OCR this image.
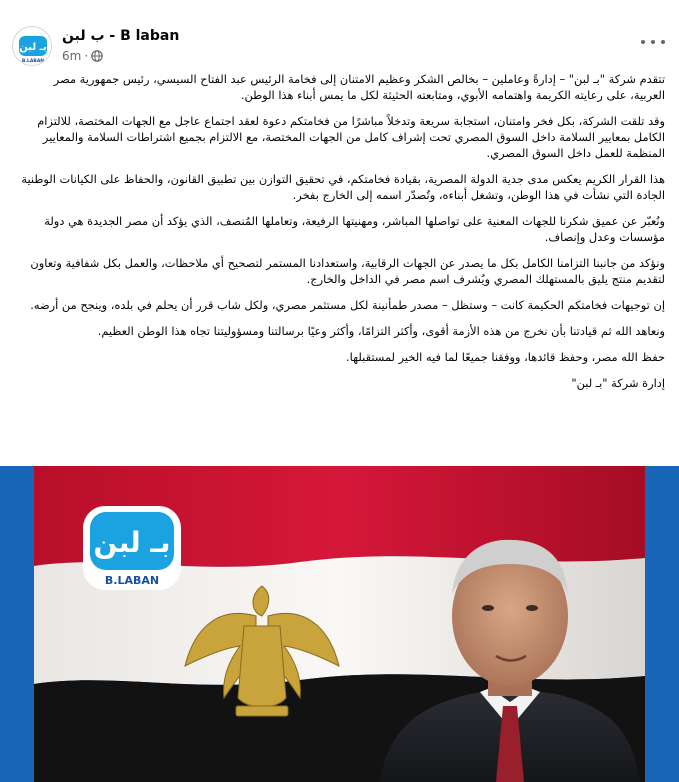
بـ لبن
B.LABAN
ب لبن - B laban
6m ·

تتقدم شركة "بـ لبن" – إدارةً وعاملين – بخالص الشكر وعظيم الامتنان إلى فخامة الرئيس عبد الفتاح السيسي، رئيس جمهورية مصر العربية، على رعايته الكريمة واهتمامه الأبوي، ومتابعته الحثيثة لكل ما يمس أبناء هذا الوطن.

وقد تلقت الشركة، بكل فخر وامتنان، استجابة سريعة وتدخلاً مباشرًا من فخامتكم دعوة لعقد اجتماع عاجل مع الجهات المختصة، للالتزام الكامل بمعايير السلامة داخل السوق المصري تحت إشراف كامل من الجهات المختصة، مع الالتزام بجميع اشتراطات السلامة والمعايير المنظمة للعمل داخل السوق المصري.

هذا القرار الكريم يعكس مدى جدية الدولة المصرية، بقيادة فخامتكم، في تحقيق التوازن بين تطبيق القانون، والحفاظ على الكيانات الوطنية الجادة التي نشأت في هذا الوطن، وتشغل أبناءه، وتُصدّر اسمه إلى الخارج بفخر.

ونُعبّر عن عميق شكرنا للجهات المعنية على تواصلها المباشر، ومهنيتها الرفيعة، وتعاملها المُنصف، الذي يؤكد أن مصر الجديدة هي دولة مؤسسات وعدل وإنصاف.

ونؤكد من جانبنا التزامنا الكامل بكل ما يصدر عن الجهات الرقابية، واستعدادنا المستمر لتصحيح أي ملاحظات، والعمل بكل شفافية وتعاون لتقديم منتج يليق بالمستهلك المصري ويُشرف اسم مصر في الداخل والخارج.

إن توجيهات فخامتكم الحكيمة كانت – وستظل – مصدر طمأنينة لكل مستثمر مصري، ولكل شاب قرر أن يحلم في بلده، وينجح من أرضه.

ونعاهد الله ثم قيادتنا بأن نخرج من هذه الأزمة أقوى، وأكثر التزامًا، وأكثر وعيًا برسالتنا ومسؤوليتنا تجاه هذا الوطن العظيم.

حفظ الله مصر، وحفظ قائدها، ووفقنا جميعًا لما فيه الخير لمستقبلها.

إدارة شركة "بـ لبن"

بـ لبن
B.LABAN
